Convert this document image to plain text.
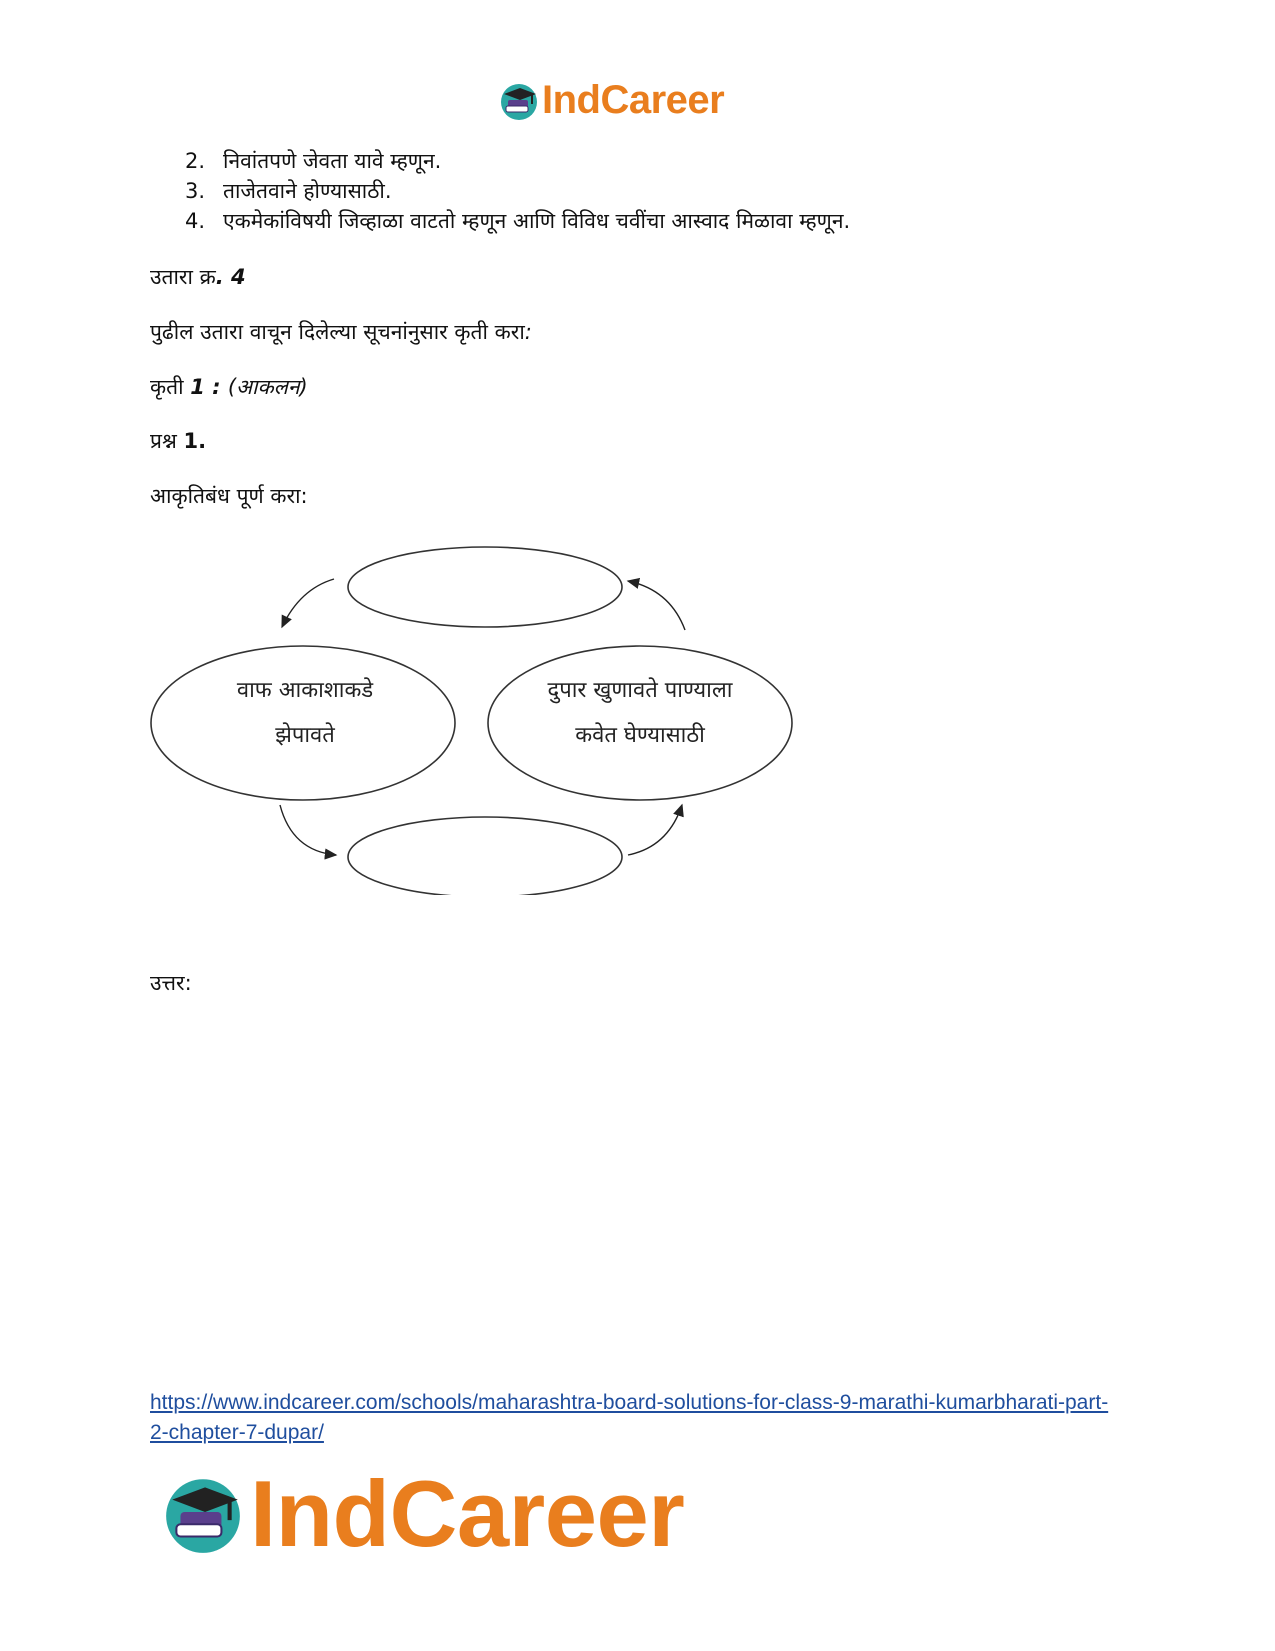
IndCareer
2. निवांतपणे जेवता यावे म्हणून.
3. ताजेतवाने होण्यासाठी.
4. एकमेकांविषयी जिव्हाळा वाटतो म्हणून आणि विविध चवींचा आस्वाद मिळावा म्हणून.

उतारा क्र. 4

पुढील उतारा वाचून दिलेल्या सूचनांनुसार कृती करा:

कृती 1 : (आकलन)

प्रश्न 1.

आकृतिबंध पूर्ण करा:

वाफ आकाशाकडे
झेपावते
दुपार खुणावते पाण्याला
कवेत घेण्यासाठी

उत्तर:

https://www.indcareer.com/schools/maharashtra-board-solutions-for-class-9-marathi-kumarbharati-part-2-chapter-7-dupar/

IndCareer
